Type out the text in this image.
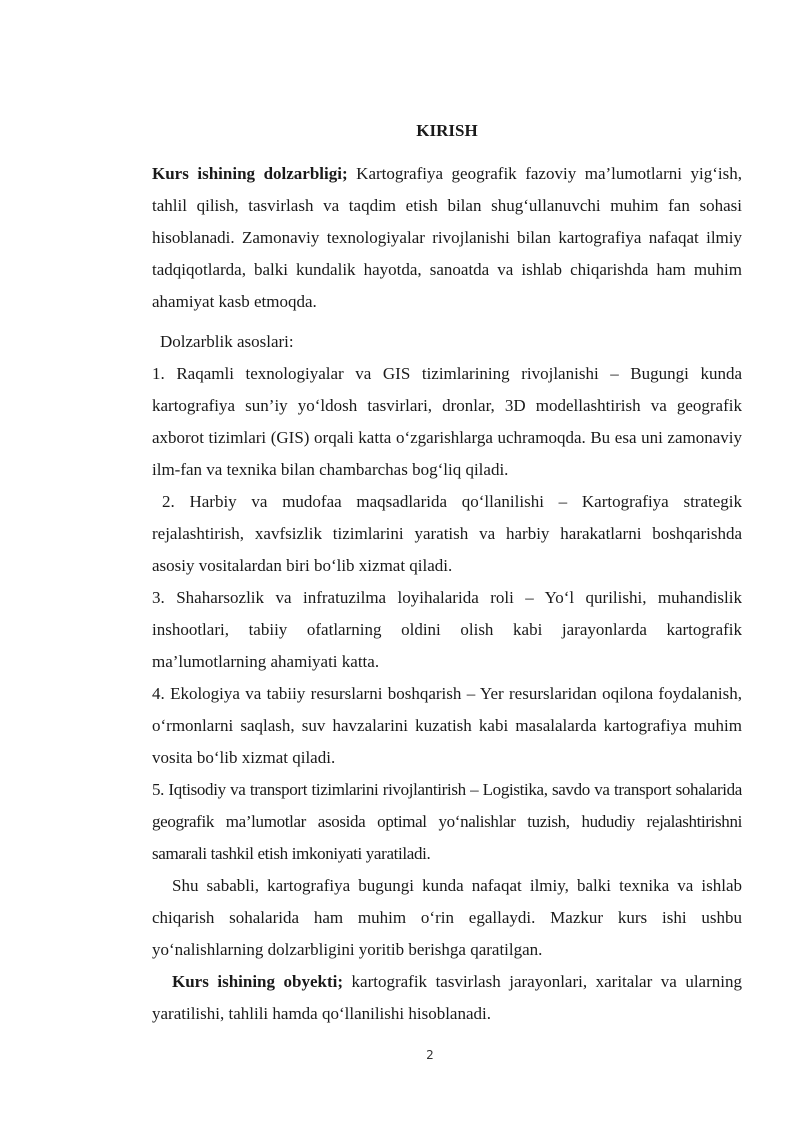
KIRISH

Kurs ishining dolzarbligi; Kartografiya geografik fazoviy ma’lumotlarni yig‘ish, tahlil qilish, tasvirlash va taqdim etish bilan shug‘ullanuvchi muhim fan sohasi hisoblanadi. Zamonaviy texnologiyalar rivojlanishi bilan kartografiya nafaqat ilmiy tadqiqotlarda, balki kundalik hayotda, sanoatda va ishlab chiqarishda ham muhim ahamiyat kasb etmoqda.

Dolzarblik asoslari:

1. Raqamli texnologiyalar va GIS tizimlarining rivojlanishi – Bugungi kunda kartografiya sun’iy yo‘ldosh tasvirlari, dronlar, 3D modellashtirish va geografik axborot tizimlari (GIS) orqali katta o‘zgarishlarga uchramoqda. Bu esa uni zamonaviy ilm-fan va texnika bilan chambarchas bog‘liq qiladi.

2. Harbiy va mudofaa maqsadlarida qo‘llanilishi – Kartografiya strategik rejalashtirish, xavfsizlik tizimlarini yaratish va harbiy harakatlarni boshqarishda asosiy vositalardan biri bo‘lib xizmat qiladi.

3. Shaharsozlik va infratuzilma loyihalarida roli – Yo‘l qurilishi, muhandislik inshootlari, tabiiy ofatlarning oldini olish kabi jarayonlarda kartografik ma’lumotlarning ahamiyati katta.

4. Ekologiya va tabiiy resurslarni boshqarish – Yer resurslaridan oqilona foydalanish, o‘rmonlarni saqlash, suv havzalarini kuzatish kabi masalalarda kartografiya muhim vosita bo‘lib xizmat qiladi.

5. Iqtisodiy va transport tizimlarini rivojlantirish – Logistika, savdo va transport sohalarida geografik ma’lumotlar asosida optimal yo‘nalishlar tuzish, hududiy rejalashtirishni samarali tashkil etish imkoniyati yaratiladi.

Shu sababli, kartografiya bugungi kunda nafaqat ilmiy, balki texnika va ishlab chiqarish sohalarida ham muhim o‘rin egallaydi. Mazkur kurs ishi ushbu yo‘nalishlarning dolzarbligini yoritib berishga qaratilgan.

Kurs ishining obyekti; kartografik tasvirlash jarayonlari, xaritalar va ularning yaratilishi, tahlili hamda qo‘llanilishi hisoblanadi.

2
